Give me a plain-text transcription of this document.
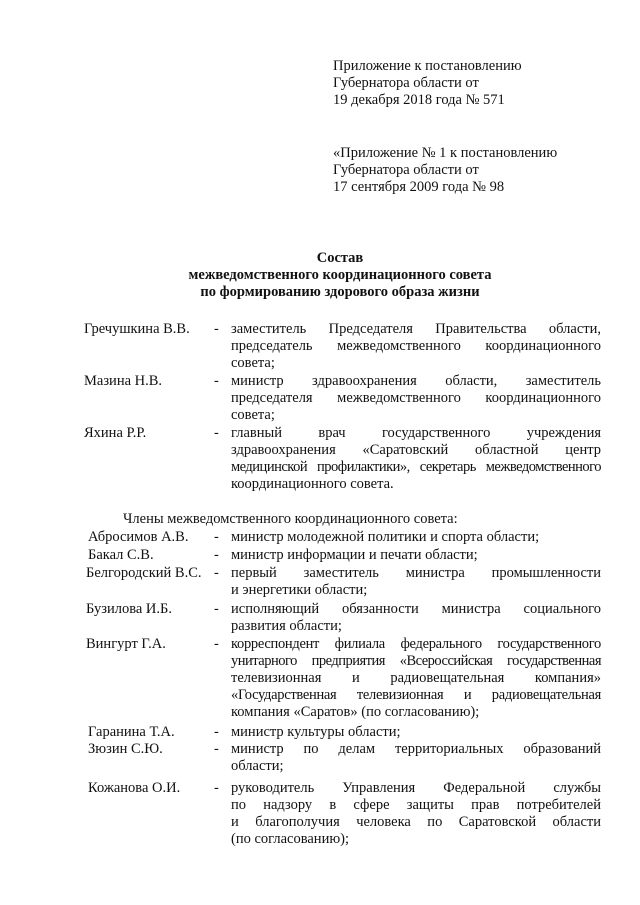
Приложение к постановлению
Губернатора области от
19 декабря 2018 года № 571
«Приложение № 1 к постановлению
Губернатора области от
17 сентября 2009 года № 98
Состав
межведомственного координационного совета
по формированию здорового образа жизни
Гречушкина В.В. - заместитель Председателя Правительства области,
председатель межведомственного координационного
совета;
Мазина Н.В.	- министр здравоохранения области, заместитель
председателя межведомственного координационного
совета;
Яхина Р.Р.	- главный врач государственного учреждения
здравоохранения «Саратовский областной центр
медицинской профилактики», секретарь межведомственного
координационного совета.
Члены межведомственного координационного совета:
Абросимов А.В. - министр молодежной политики и спорта области;
Бакал С.В.	- министр информации и печати области;
Белгородский В.С. - первый заместитель министра промышленности
и энергетики области;
Бузилова И.Б.	- исполняющий обязанности министра социального
развития области;
Вингурт Г.А.	- корреспондент филиала федерального государственного
унитарного предприятия «Всероссийская государственная
телевизионная и радиовещательная компания»
«Государственная телевизионная и радиовещательная
компания «Саратов» (по согласованию);
Гаранина Т.А.	- министр культуры области;
Зюзин С.Ю.	- министр по делам территориальных образований
области;
Кожанова О.И. - руководитель Управления Федеральной службы
по надзору в сфере защиты прав потребителей
и благополучия человека по Саратовской области
(по согласованию);
